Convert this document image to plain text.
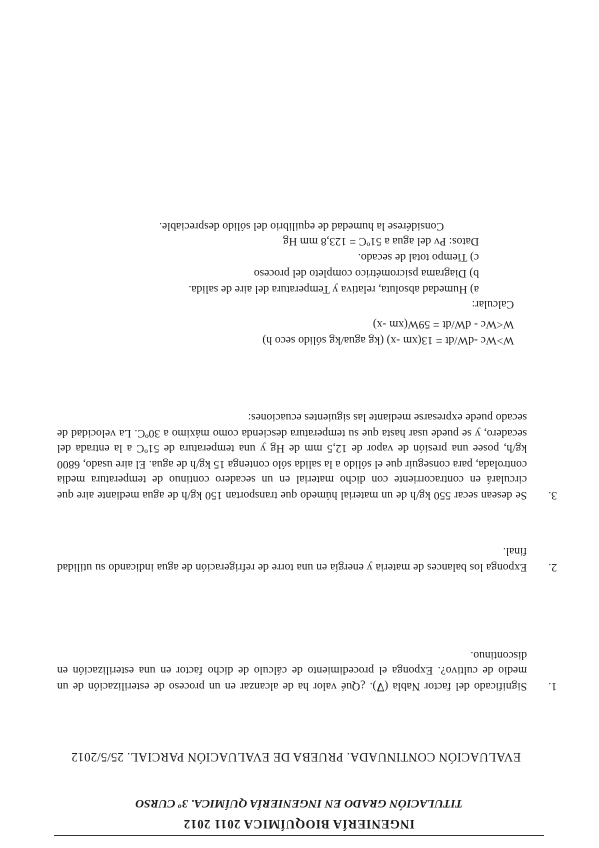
INGENIERÍA BIOQUÍMICA 2011 2012
TITULACIÓN GRADO EN INGENIERÍA QUÍMICA. 3º CURSO
EVALUACIÓN CONTINUADA. PRUEBA DE EVALUACIÓN PARCIAL. 25/5/2012
1.
Significado del factor Nabla (∇). ¿Qué valor ha de alcanzar en un proceso de esterilización de un medio de cultivo?. Exponga el procedimiento de cálculo de dicho factor en una esterilización en discontinuo.
2.
Exponga los balances de materia y energía en una torre de refrigeración de agua indicando su utilidad final.
3.
Se desean secar 550 kg/h de un material húmedo que transportan 150 kg/h de agua mediante aire que circulará en contracorriente con dicho material en un secadero continuo de temperatura media controlada, para conseguir que el sólido a la salida sólo contenga 15 kg/h de agua. El aire usado, 6800 kg/h, posee una presión de vapor de 12,5 mm de Hg y una temperatura de 51ºC a la entrada del secadero, y se puede usar hasta que su temperatura descienda como máximo a 30ºC. La velocidad de secado puede expresarse mediante las siguientes ecuaciones:
W>Wc -dW/dt = 13(xm -x) (kg agua/kg sólido seco h)
W<Wc - dW/dt = 59W(xm -x)
Calcular:
a) Humedad absoluta, relativa y Temperatura del aire de salida.
b) Diagrama psicrométrico completo del proceso
c) Tiempo total de secado.
Datos: Pv del agua a 51ºC = 123,8 mm Hg
Considérese la humedad de equilibrio del sólido despreciable.
